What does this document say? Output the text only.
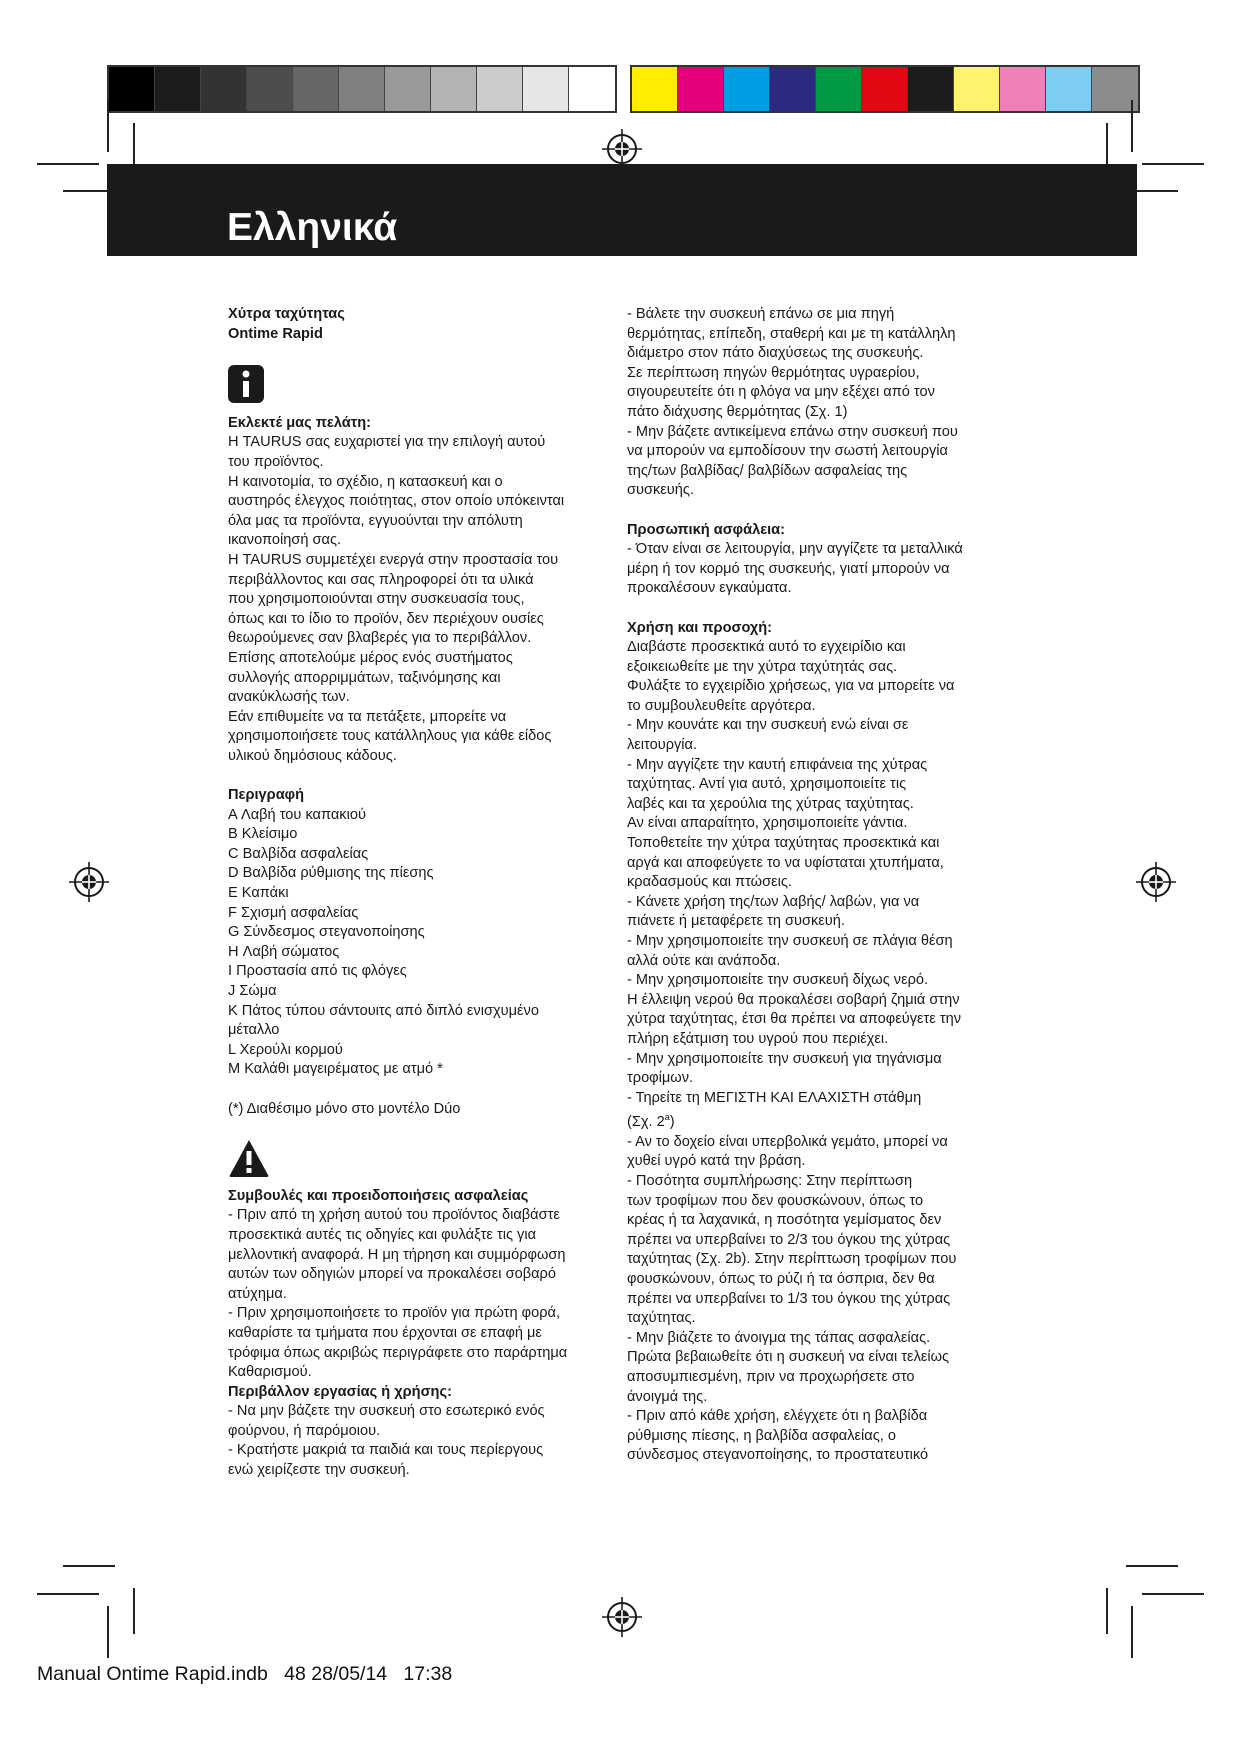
Ελληνικά
Χύτρα ταχύτητας
Ontime Rapid
Εκλεκτέ μας πελάτη:
Η TAURUS σας ευχαριστεί για την επιλογή αυτού
του προϊόντος.
Η καινοτομία, το σχέδιο, η κατασκευή και ο
αυστηρός έλεγχος ποιότητας, στον οποίο υπόκεινται
όλα μας τα προϊόντα, εγγυούνται την απόλυτη
ικανοποίησή σας.
Η TAURUS συμμετέχει ενεργά στην προστασία του
περιβάλλοντος και σας πληροφορεί ότι τα υλικά
που χρησιμοποιούνται στην συσκευασία τους,
όπως και το ίδιο το προϊόν, δεν περιέχουν ουσίες
θεωρούμενες σαν βλαβερές για το περιβάλλον.
Επίσης αποτελούμε μέρος ενός συστήματος
συλλογής απορριμμάτων, ταξινόμησης και
ανακύκλωσής των.
Εάν επιθυμείτε να τα πετάξετε, μπορείτε να
χρησιμοποιήσετε τους κατάλληλους για κάθε είδος
υλικού δημόσιους κάδους.
Περιγραφή
A Λαβή του καπακιού
B Κλείσιμο
C Βαλβίδα ασφαλείας
D Βαλβίδα ρύθμισης της πίεσης
E Καπάκι
F Σχισμή ασφαλείας
G Σύνδεσμος στεγανοποίησης
H Λαβή σώματος
I Προστασία από τις φλόγες
J Σώμα
K Πάτος τύπου σάντουιτς από διπλό ενισχυμένο
μέταλλο
L Χερούλι κορμού
M Καλάθι μαγειρέματος με ατμό *
(*) Διαθέσιμο μόνο στο μοντέλο Dúo
Συμβουλές και προειδοποιήσεις ασφαλείας
- Πριν από τη χρήση αυτού του προϊόντος διαβάστε
προσεκτικά αυτές τις οδηγίες και φυλάξτε τις για
μελλοντική αναφορά. Η μη τήρηση και συμμόρφωση
αυτών των οδηγιών μπορεί να προκαλέσει σοβαρό
ατύχημα.
- Πριν χρησιμοποιήσετε το προϊόν για πρώτη φορά,
καθαρίστε τα τμήματα που έρχονται σε επαφή με
τρόφιμα όπως ακριβώς περιγράφετε στο παράρτημα
Καθαρισμού.
Περιβάλλον εργασίας ή χρήσης:
- Να μην βάζετε την συσκευή στο εσωτερικό ενός
φούρνου, ή παρόμοιου.
- Κρατήστε μακριά τα παιδιά και τους περίεργους
ενώ χειρίζεστε την συσκευή.
- Βάλετε την συσκευή επάνω σε μια πηγή
θερμότητας, επίπεδη, σταθερή και με τη κατάλληλη
διάμετρο στον πάτο διαχύσεως της συσκευής.
Σε περίπτωση πηγών θερμότητας υγραερίου,
σιγουρευτείτε ότι η φλόγα να μην εξέχει από τον
πάτο διάχυσης θερμότητας (Σχ. 1)
- Μην βάζετε αντικείμενα επάνω στην συσκευή που
να μπορούν να εμποδίσουν την σωστή λειτουργία
της/των βαλβίδας/ βαλβίδων ασφαλείας της
συσκευής.
Προσωπική ασφάλεια:
- Όταν είναι σε λειτουργία, μην αγγίζετε τα μεταλλικά
μέρη ή τον κορμό της συσκευής, γιατί μπορούν να
προκαλέσουν εγκαύματα.
Χρήση και προσοχή:
Διαβάστε προσεκτικά αυτό το εγχειρίδιο και
εξοικειωθείτε με την χύτρα ταχύτητάς σας.
Φυλάξτε το εγχειρίδιο χρήσεως, για να μπορείτε να
το συμβουλευθείτε αργότερα.
- Μην κουνάτε και την συσκευή ενώ είναι σε
λειτουργία.
- Μην αγγίζετε την καυτή επιφάνεια της χύτρας
ταχύτητας. Αντί για αυτό, χρησιμοποιείτε τις
λαβές και τα χερούλια της χύτρας ταχύτητας.
Αν είναι απαραίτητο, χρησιμοποιείτε γάντια.
Τοποθετείτε την χύτρα ταχύτητας προσεκτικά και
αργά και αποφεύγετε το να υφίσταται χτυπήματα,
κραδασμούς και πτώσεις.
- Κάνετε χρήση της/των λαβής/ λαβών, για να
πιάνετε ή μεταφέρετε τη συσκευή.
- Μην χρησιμοποιείτε την συσκευή σε πλάγια θέση
αλλά ούτε και ανάποδα.
- Μην χρησιμοποιείτε την συσκευή δίχως νερό.
Η έλλειψη νερού θα προκαλέσει σοβαρή ζημιά στην
χύτρα ταχύτητας, έτσι θα πρέπει να αποφεύγετε την
πλήρη εξάτμιση του υγρού που περιέχει.
- Μην χρησιμοποιείτε την συσκευή για τηγάνισμα
τροφίμων.
- Τηρείτε τη ΜΕΓΙΣΤΗ ΚΑΙ ΕΛΑΧΙΣΤΗ στάθμη
(Σχ. 2$^a$)
- Αν το δοχείο είναι υπερβολικά γεμάτο, μπορεί να
χυθεί υγρό κατά την βράση.
- Ποσότητα συμπλήρωσης: Στην περίπτωση
των τροφίμων που δεν φουσκώνουν, όπως το
κρέας ή τα λαχανικά, η ποσότητα γεμίσματος δεν
πρέπει να υπερβαίνει το 2/3 του όγκου της χύτρας
ταχύτητας (Σχ. 2b). Στην περίπτωση τροφίμων που
φουσκώνουν, όπως το ρύζι ή τα όσπρια, δεν θα
πρέπει να υπερβαίνει το 1/3 του όγκου της χύτρας
ταχύτητας.
- Μην βιάζετε το άνοιγμα της τάπας ασφαλείας.
Πρώτα βεβαιωθείτε ότι η συσκευή να είναι τελείως
αποσυμπιεσμένη, πριν να προχωρήσετε στο
άνοιγμά της.
- Πριν από κάθε χρήση, ελέγχετε ότι η βαλβίδα
ρύθμισης πίεσης, η βαλβίδα ασφαλείας, ο
σύνδεσμος στεγανοποίησης, το προστατευτικό
Manual Ontime Rapid.indb   48 28/05/14   17:38
